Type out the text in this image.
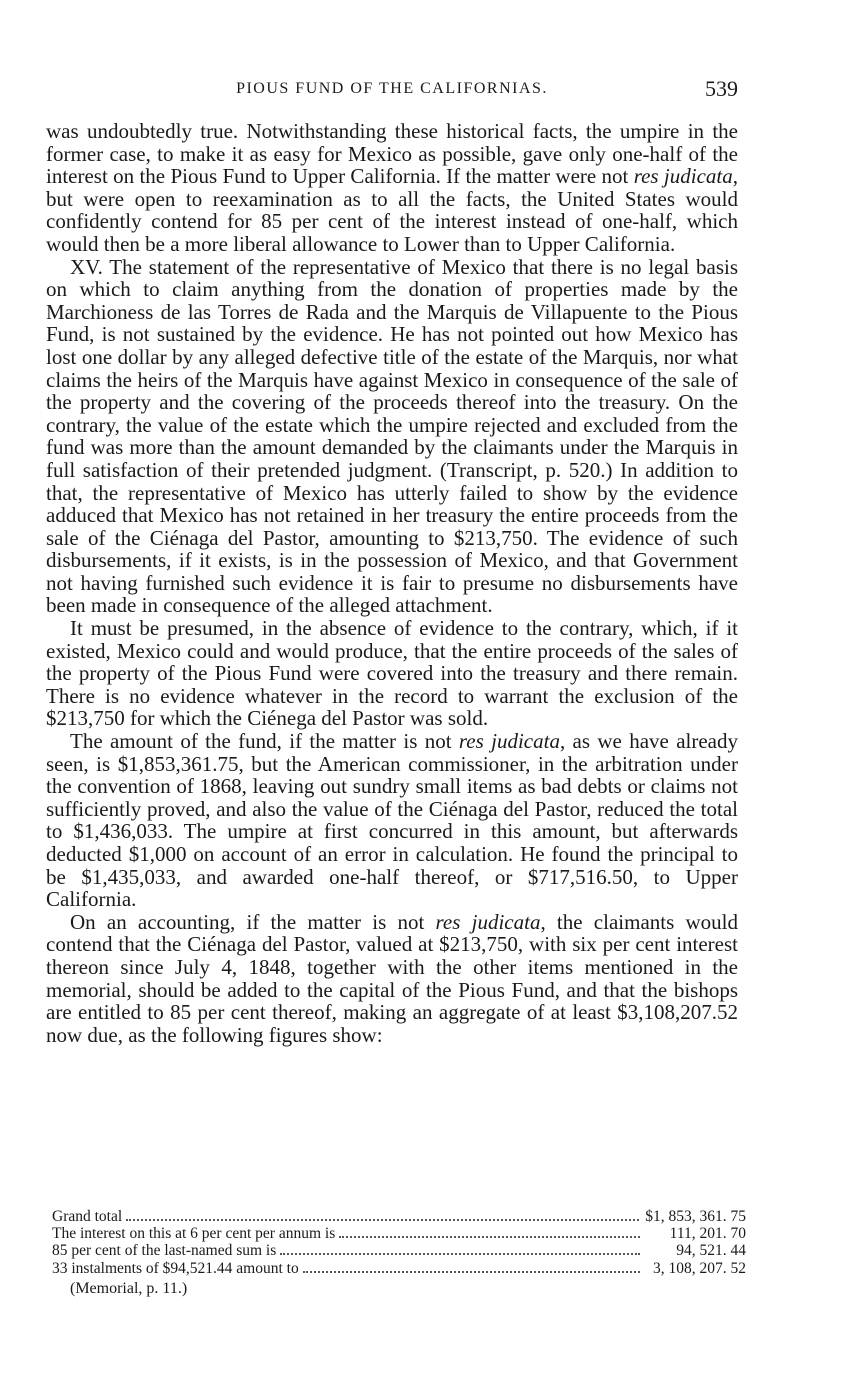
PIOUS FUND OF THE CALIFORNIAS.	539

was undoubtedly true. Notwithstanding these historical facts, the umpire in the former case, to make it as easy for Mexico as possible, gave only one-half of the interest on the Pious Fund to Upper California. If the matter were not res judicata, but were open to reexamination as to all the facts, the United States would confidently contend for 85 per cent of the interest instead of one-half, which would then be a more liberal allowance to Lower than to Upper California.

XV. The statement of the representative of Mexico that there is no legal basis on which to claim anything from the donation of properties made by the Marchioness de las Torres de Rada and the Marquis de Villapuente to the Pious Fund, is not sustained by the evidence. He has not pointed out how Mexico has lost one dollar by any alleged defective title of the estate of the Marquis, nor what claims the heirs of the Marquis have against Mexico in consequence of the sale of the property and the covering of the proceeds thereof into the treasury. On the contrary, the value of the estate which the umpire rejected and excluded from the fund was more than the amount demanded by the claimants under the Marquis in full satisfaction of their pretended judgment. (Transcript, p. 520.) In addition to that, the representative of Mexico has utterly failed to show by the evidence adduced that Mexico has not retained in her treasury the entire proceeds from the sale of the Ciénaga del Pastor, amounting to $213,750. The evidence of such disbursements, if it exists, is in the possession of Mexico, and that Government not having furnished such evidence it is fair to presume no disbursements have been made in consequence of the alleged attachment.

It must be presumed, in the absence of evidence to the contrary, which, if it existed, Mexico could and would produce, that the entire proceeds of the sales of the property of the Pious Fund were covered into the treasury and there remain. There is no evidence whatever in the record to warrant the exclusion of the $213,750 for which the Ciénega del Pastor was sold.

The amount of the fund, if the matter is not res judicata, as we have already seen, is $1,853,361.75, but the American commissioner, in the arbitration under the convention of 1868, leaving out sundry small items as bad debts or claims not sufficiently proved, and also the value of the Ciénaga del Pastor, reduced the total to $1,436,033. The umpire at first concurred in this amount, but afterwards deducted $1,000 on account of an error in calculation. He found the principal to be $1,435,033, and awarded one-half thereof, or $717,516.50, to Upper California.

On an accounting, if the matter is not res judicata, the claimants would contend that the Ciénaga del Pastor, valued at $213,750, with six per cent interest thereon since July 4, 1848, together with the other items mentioned in the memorial, should be added to the capital of the Pious Fund, and that the bishops are entitled to 85 per cent thereof, making an aggregate of at least $3,108,207.52 now due, as the following figures show:

Grand total	$1, 853, 361. 75
The interest on this at 6 per cent per annum is	111, 201. 70
85 per cent of the last-named sum is	94, 521. 44
33 instalments of $94,521.44 amount to	3, 108, 207. 52
(Memorial, p. 11.)
